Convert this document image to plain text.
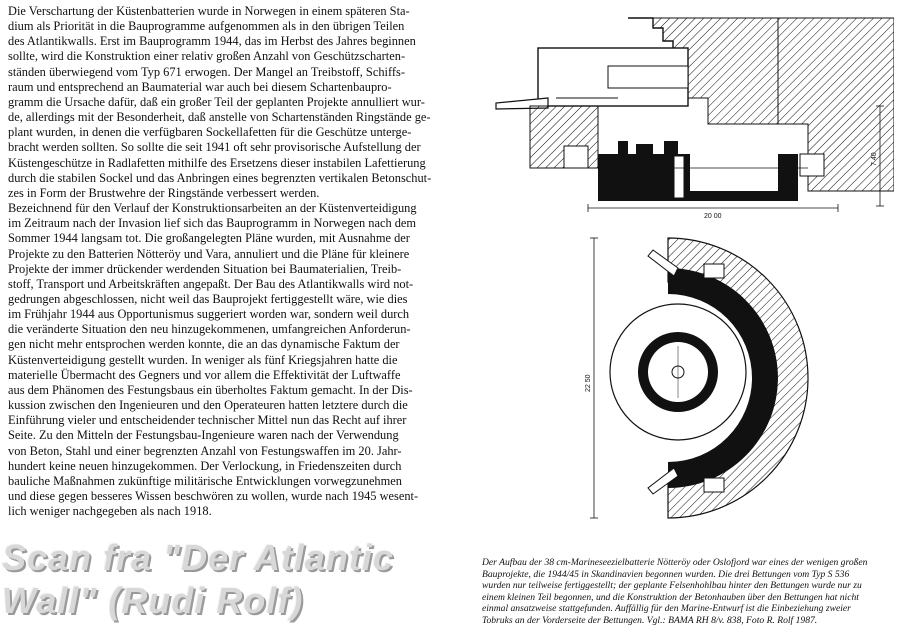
Die Verschartung der Küstenbatterien wurde in Norwegen in einem späteren Sta-
dium als Priorität in die Bauprogramme aufgenommen als in den übrigen Teilen
des Atlantikwalls. Erst im Bauprogramm 1944, das im Herbst des Jahres beginnen
sollte, wird die Konstruktion einer relativ großen Anzahl von Geschützscharten-
ständen überwiegend vom Typ 671 erwogen. Der Mangel an Treibstoff, Schiffs-
raum und entsprechend an Baumaterial war auch bei diesem Schartenbaupro-
gramm die Ursache dafür, daß ein großer Teil der geplanten Projekte annulliert wur-
de, allerdings mit der Besonderheit, daß anstelle von Schartenständen Ringstände ge-
plant wurden, in denen die verfügbaren Sockellafetten für die Geschütze unterge-
bracht werden sollten. So sollte die seit 1941 oft sehr provisorische Aufstellung der
Küstengeschütze in Radlafetten mithilfe des Ersetzens dieser instabilen Lafettierung
durch die stabilen Sockel und das Anbringen eines begrenzten vertikalen Betonschut-
zes in Form der Brustwehre der Ringstände verbessert werden.
Bezeichnend für den Verlauf der Konstruktionsarbeiten an der Küstenverteidigung
im Zeitraum nach der Invasion lief sich das Bauprogramm in Norwegen nach dem
Sommer 1944 langsam tot. Die großangelegten Pläne wurden, mit Ausnahme der
Projekte zu den Batterien Nötteröy und Vara, annuliert und die Pläne für kleinere
Projekte der immer drückender werdenden Situation bei Baumaterialien, Treib-
stoff, Transport und Arbeitskräften angepaßt. Der Bau des Atlantikwalls wird not-
gedrungen abgeschlossen, nicht weil das Bauprojekt fertiggestellt wäre, wie dies
im Frühjahr 1944 aus Opportunismus suggeriert worden war, sondern weil durch
die veränderte Situation den neu hinzugekommenen, umfangreichen Anforderun-
gen nicht mehr entsprochen werden konnte, die an das dynamische Faktum der
Küstenverteidigung gestellt wurden. In weniger als fünf Kriegsjahren hatte die
materielle Übermacht des Gegners und vor allem die Effektivität der Luftwaffe
aus dem Phänomen des Festungsbaus ein überholtes Faktum gemacht. In der Dis-
kussion zwischen den Ingenieuren und den Operateuren hatten letztere durch die
Einführung vieler und entscheidender technischer Mittel nun das Recht auf ihrer
Seite. Zu den Mitteln der Festungsbau-Ingenieure waren nach der Verwendung
von Beton, Stahl und einer begrenzten Anzahl von Festungswaffen im 20. Jahr-
hundert keine neuen hinzugekommen. Der Verlockung, in Friedenszeiten durch
bauliche Maßnahmen zukünftige militärische Entwicklungen vorwegzunehmen
und diese gegen besseres Wissen beschwören zu wollen, wurde nach 1945 wesent-
lich weniger nachgegeben als nach 1918.
Scan fra "Der Atlantic
Wall" (Rudi Rolf)
7 40
20 00
22 50
Der Aufbau der 38 cm-Marineseezielbatterie Nötteröy oder Oslofjord war eines der wenigen großen
Bauprojekte, die 1944/45 in Skandinavien begonnen wurden. Die drei Bettungen vom Typ S 536
wurden nur teilweise fertiggestellt; der geplante Felsenhohlbau hinter den Bettungen wurde nur zu
einem kleinen Teil begonnen, und die Konstruktion der Betonhauben über den Bettungen hat nicht
einmal ansatzweise stattgefunden. Auffällig für den Marine-Entwurf ist die Einbeziehung zweier
Tobruks an der Vorderseite der Bettungen. Vgl.: BAMA RH 8/v. 838, Foto R. Rolf 1987.
